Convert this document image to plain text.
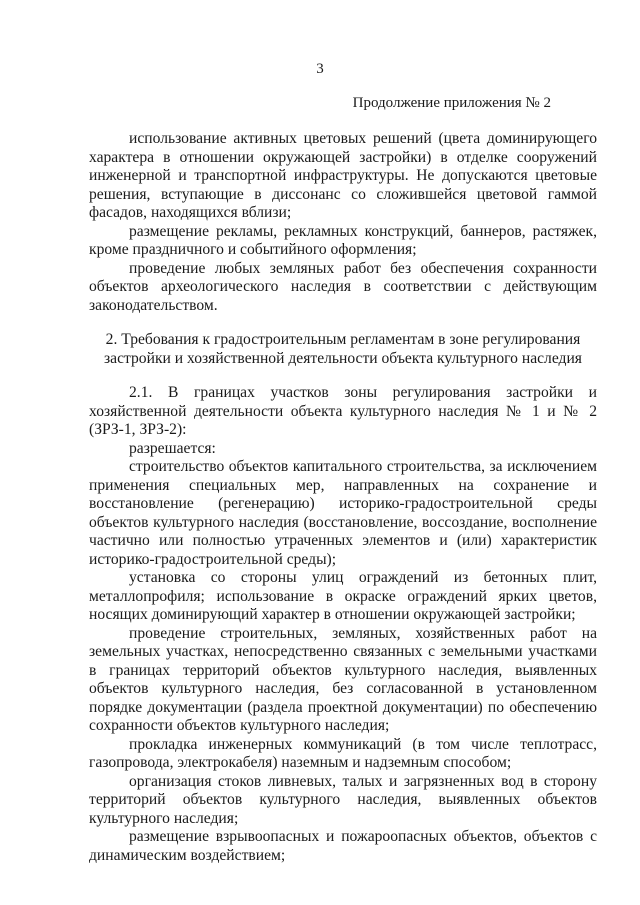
3
Продолжение приложения № 2

использование активных цветовых решений (цвета доминирующего характера в отношении окружающей застройки) в отделке сооружений инженерной и транспортной инфраструктуры. Не допускаются цветовые решения, вступающие в диссонанс со сложившейся цветовой гаммой фасадов, находящихся вблизи;

размещение рекламы, рекламных конструкций, баннеров, растяжек, кроме праздничного и событийного оформления;

проведение любых земляных работ без обеспечения сохранности объектов археологического наследия в соответствии с действующим законодательством.

2. Требования к градостроительным регламентам в зоне регулирования застройки и хозяйственной деятельности объекта культурного наследия

2.1. В границах участков зоны регулирования застройки и хозяйственной деятельности объекта культурного наследия № 1 и № 2 (ЗРЗ-1, ЗРЗ-2):

разрешается:

строительство объектов капитального строительства, за исключением применения специальных мер, направленных на сохранение и восстановление (регенерацию) историко-градостроительной среды объектов культурного наследия (восстановление, воссоздание, восполнение частично или полностью утраченных элементов и (или) характеристик историко-градостроительной среды);

установка со стороны улиц ограждений из бетонных плит, металлопрофиля; использование в окраске ограждений ярких цветов, носящих доминирующий характер в отношении окружающей застройки;

проведение строительных, земляных, хозяйственных работ на земельных участках, непосредственно связанных с земельными участками в границах территорий объектов культурного наследия, выявленных объектов культурного наследия, без согласованной в установленном порядке документации (раздела проектной документации) по обеспечению сохранности объектов культурного наследия;

прокладка инженерных коммуникаций (в том числе теплотрасс, газопровода, электрокабеля) наземным и надземным способом;

организация стоков ливневых, талых и загрязненных вод в сторону территорий объектов культурного наследия, выявленных объектов культурного наследия;

размещение взрывоопасных и пожароопасных объектов, объектов с динамическим воздействием;
